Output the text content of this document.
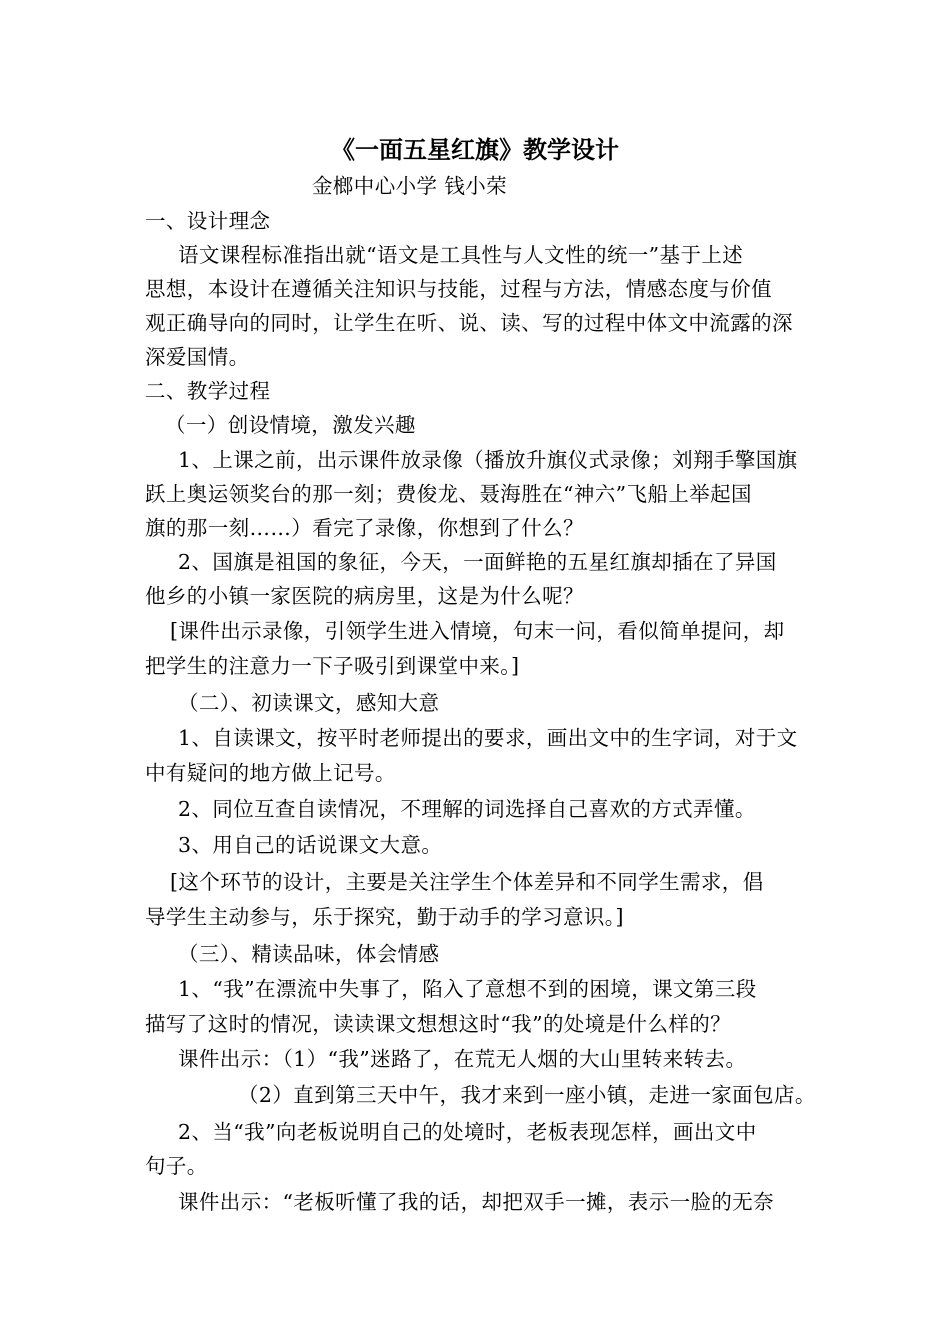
《一面五星红旗》教学设计
金榔中心小学 钱小荣
一、设计理念
语文课程标准指出就“语文是工具性与人文性的统一”基于上述
思想，本设计在遵循关注知识与技能，过程与方法，情感态度与价值
观正确导向的同时，让学生在听、说、读、写的过程中体文中流露的深
深爱国情。
二、教学过程
（一）创设情境，激发兴趣
1、上课之前，出示课件放录像（播放升旗仪式录像；刘翔手擎国旗
跃上奥运领奖台的那一刻；费俊龙、聂海胜在“神六”飞船上举起国
旗的那一刻……）看完了录像，你想到了什么？
2、国旗是祖国的象征，今天，一面鲜艳的五星红旗却插在了异国
他乡的小镇一家医院的病房里，这是为什么呢？
[课件出示录像，引领学生进入情境，句末一问，看似简单提问，却
把学生的注意力一下子吸引到课堂中来。]
（二）、初读课文，感知大意
1、自读课文，按平时老师提出的要求，画出文中的生字词，对于文
中有疑问的地方做上记号。
2、同位互查自读情况，不理解的词选择自己喜欢的方式弄懂。
3、用自己的话说课文大意。
[这个环节的设计，主要是关注学生个体差异和不同学生需求，倡
导学生主动参与，乐于探究，勤于动手的学习意识。]
（三）、精读品味，体会情感
1、“我”在漂流中失事了，陷入了意想不到的困境，课文第三段
描写了这时的情况，读读课文想想这时“我”的处境是什么样的？
课件出示：（1）“我”迷路了，在荒无人烟的大山里转来转去。
（2）直到第三天中午，我才来到一座小镇，走进一家面包店。
2、当“我”向老板说明自己的处境时，老板表现怎样，画出文中
句子。
课件出示：“老板听懂了我的话，却把双手一摊，表示一脸的无奈
